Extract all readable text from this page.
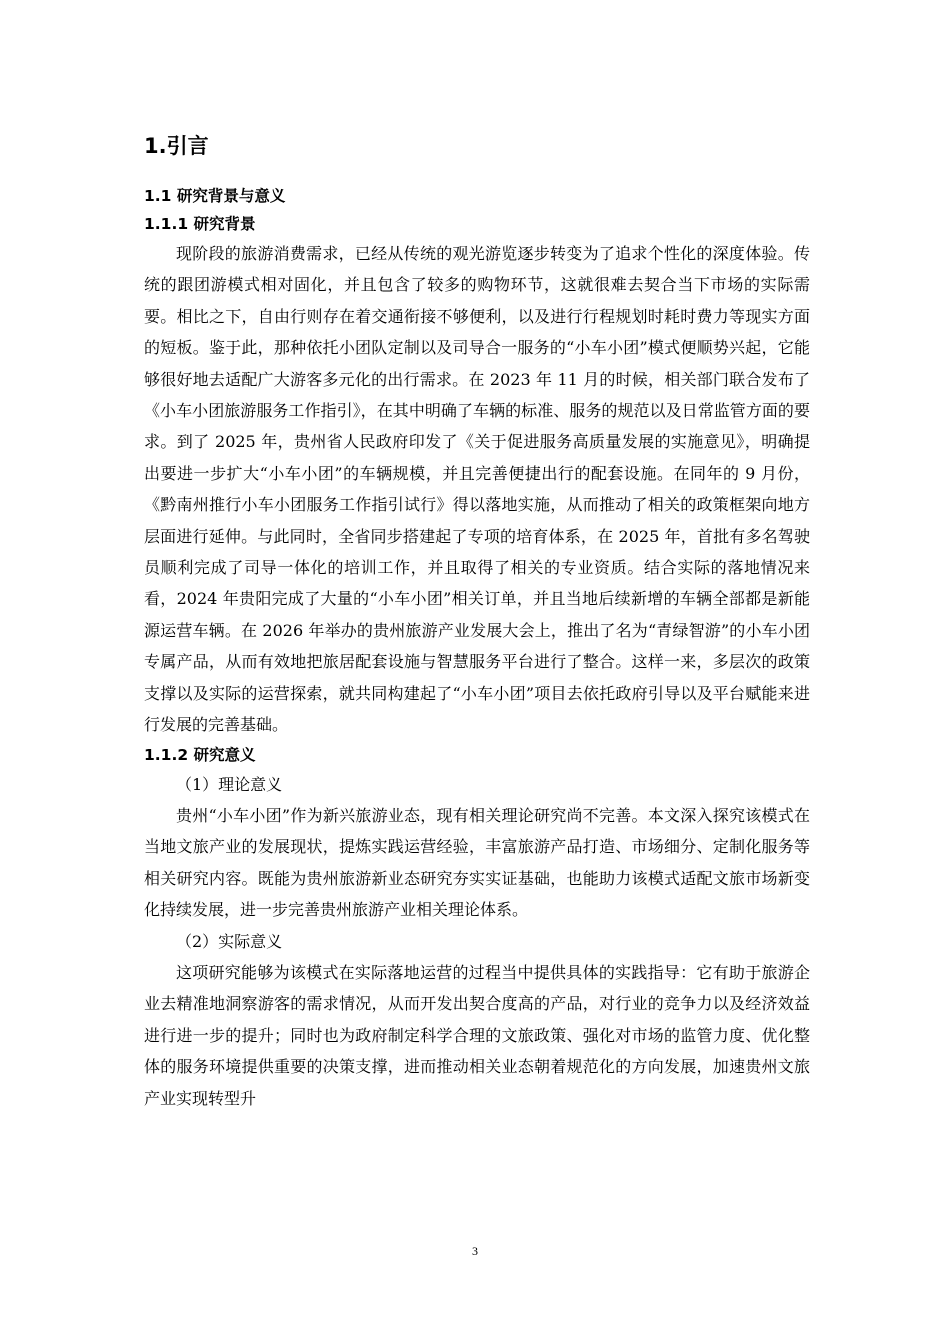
1.引言
1.1 研究背景与意义
1.1.1 研究背景

现阶段的旅游消费需求，已经从传统的观光游览逐步转变为了追求个性化的深度体验。传统的跟团游模式相对固化，并且包含了较多的购物环节，这就很难去契合当下市场的实际需要。相比之下，自由行则存在着交通衔接不够便利，以及进行行程规划时耗时费力等现实方面的短板。鉴于此，那种依托小团队定制以及司导合一服务的“小车小团”模式便顺势兴起，它能够很好地去适配广大游客多元化的出行需求。在 2023 年 11 月的时候，相关部门联合发布了《小车小团旅游服务工作指引》，在其中明确了车辆的标准、服务的规范以及日常监管方面的要求。到了 2025 年，贵州省人民政府印发了《关于促进服务高质量发展的实施意见》，明确提出要进一步扩大“小车小团”的车辆规模，并且完善便捷出行的配套设施。在同年的 9 月份，《黔南州推行小车小团服务工作指引试行》得以落地实施，从而推动了相关的政策框架向地方层面进行延伸。与此同时，全省同步搭建起了专项的培育体系，在 2025 年，首批有多名驾驶员顺利完成了司导一体化的培训工作，并且取得了相关的专业资质。结合实际的落地情况来看，2024 年贵阳完成了大量的“小车小团”相关订单，并且当地后续新增的车辆全部都是新能源运营车辆。在 2026 年举办的贵州旅游产业发展大会上，推出了名为“青绿智游”的小车小团专属产品，从而有效地把旅居配套设施与智慧服务平台进行了整合。这样一来，多层次的政策支撑以及实际的运营探索，就共同构建起了“小车小团”项目去依托政府引导以及平台赋能来进行发展的完善基础。

1.1.2 研究意义

（1）理论意义

贵州“小车小团”作为新兴旅游业态，现有相关理论研究尚不完善。本文深入探究该模式在当地文旅产业的发展现状，提炼实践运营经验，丰富旅游产品打造、市场细分、定制化服务等相关研究内容。既能为贵州旅游新业态研究夯实实证基础，也能助力该模式适配文旅市场新变化持续发展，进一步完善贵州旅游产业相关理论体系。

（2）实际意义

这项研究能够为该模式在实际落地运营的过程当中提供具体的实践指导：它有助于旅游企业去精准地洞察游客的需求情况，从而开发出契合度高的产品，对行业的竞争力以及经济效益进行进一步的提升；同时也为政府制定科学合理的文旅政策、强化对市场的监管力度、优化整体的服务环境提供重要的决策支撑，进而推动相关业态朝着规范化的方向发展，加速贵州文旅产业实现转型升

3
